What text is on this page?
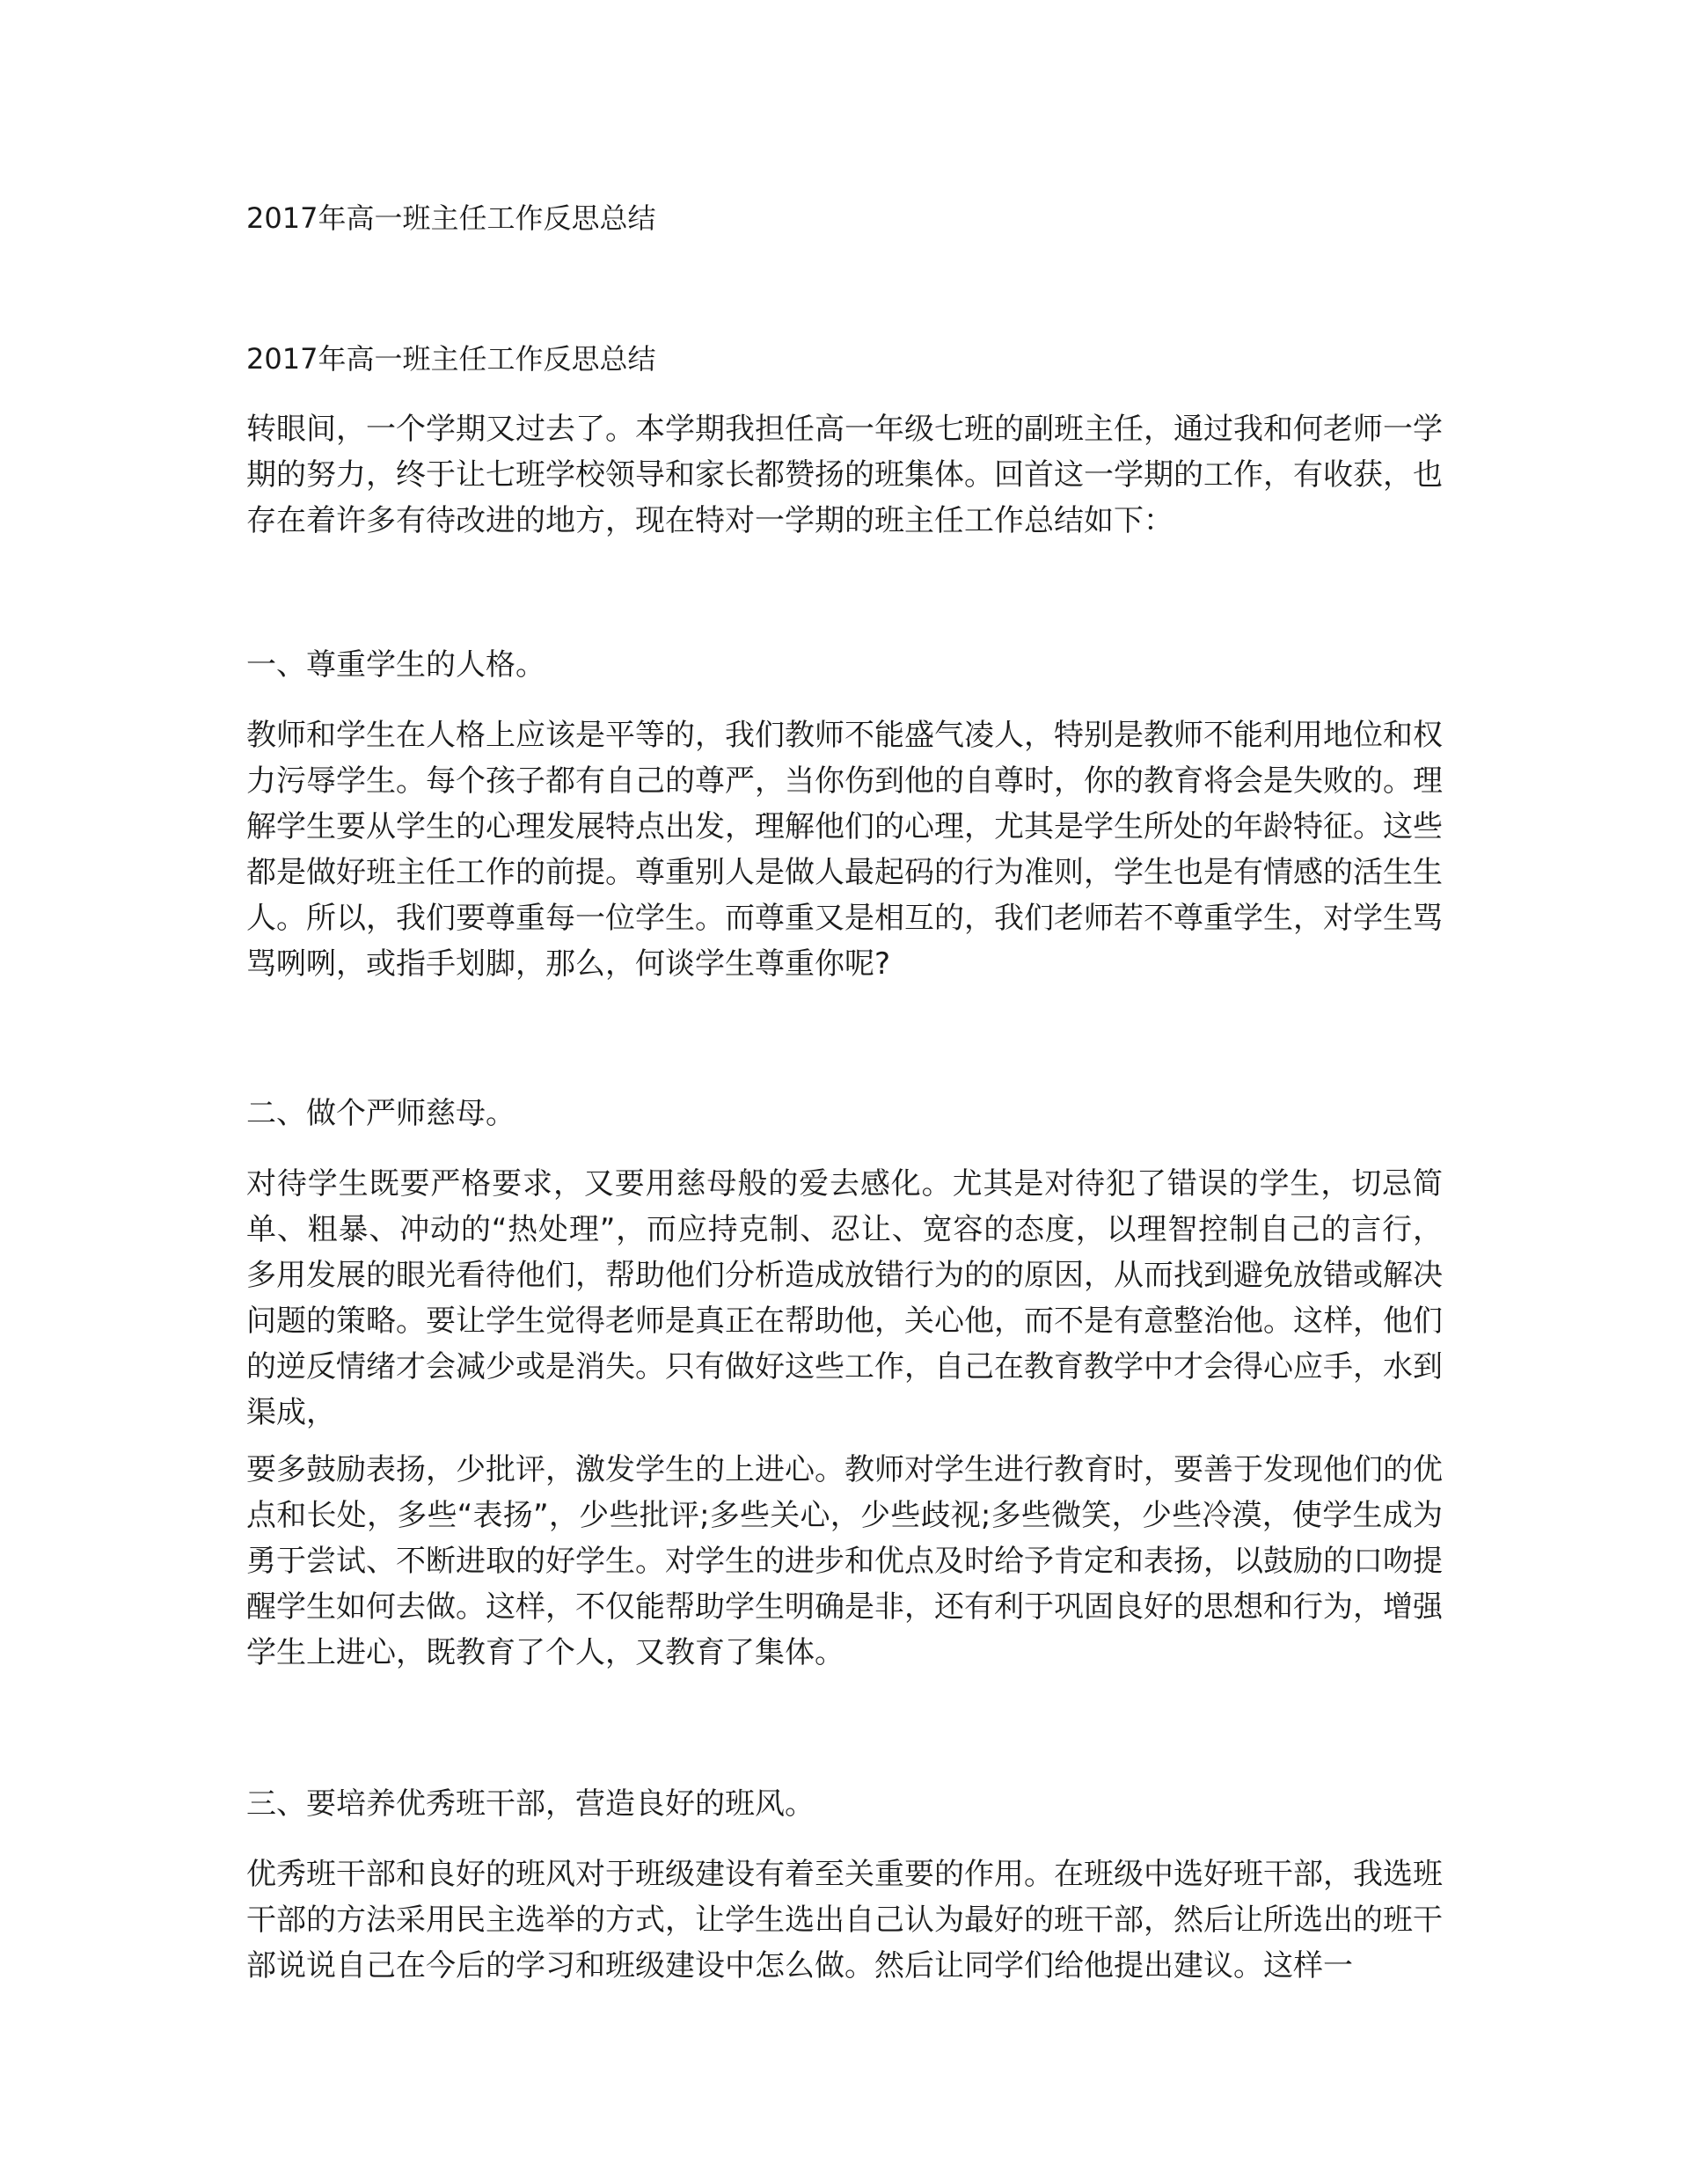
2017年高一班主任工作反思总结
2017年高一班主任工作反思总结

转眼间，一个学期又过去了。本学期我担任高一年级七班的副班主任，通过我和何老师一学期的努力，终于让七班学校领导和家长都赞扬的班集体。回首这一学期的工作，有收获，也存在着许多有待改进的地方，现在特对一学期的班主任工作总结如下：

一、尊重学生的人格。

教师和学生在人格上应该是平等的，我们教师不能盛气凌人，特别是教师不能利用地位和权力污辱学生。每个孩子都有自己的尊严，当你伤到他的自尊时，你的教育将会是失败的。理解学生要从学生的心理发展特点出发，理解他们的心理，尤其是学生所处的年龄特征。这些都是做好班主任工作的前提。尊重别人是做人最起码的行为准则，学生也是有情感的活生生人。所以，我们要尊重每一位学生。而尊重又是相互的，我们老师若不尊重学生，对学生骂骂咧咧，或指手划脚，那么，何谈学生尊重你呢?

二、做个严师慈母。

对待学生既要严格要求，又要用慈母般的爱去感化。尤其是对待犯了错误的学生，切忌简单、粗暴、冲动的“热处理”，而应持克制、忍让、宽容的态度，以理智控制自己的言行，多用发展的眼光看待他们，帮助他们分析造成放错行为的的原因，从而找到避免放错或解决问题的策略。要让学生觉得老师是真正在帮助他，关心他，而不是有意整治他。这样，他们的逆反情绪才会减少或是消失。只有做好这些工作，自己在教育教学中才会得心应手，水到渠成，

要多鼓励表扬，少批评，激发学生的上进心。教师对学生进行教育时，要善于发现他们的优点和长处，多些“表扬”，少些批评;多些关心，少些歧视;多些微笑，少些冷漠，使学生成为勇于尝试、不断进取的好学生。对学生的进步和优点及时给予肯定和表扬，以鼓励的口吻提醒学生如何去做。这样，不仅能帮助学生明确是非，还有利于巩固良好的思想和行为，增强学生上进心，既教育了个人，又教育了集体。

三、要培养优秀班干部，营造良好的班风。

优秀班干部和良好的班风对于班级建设有着至关重要的作用。在班级中选好班干部，我选班干部的方法采用民主选举的方式，让学生选出自己认为最好的班干部，然后让所选出的班干部说说自己在今后的学习和班级建设中怎么做。然后让同学们给他提出建议。这样一
